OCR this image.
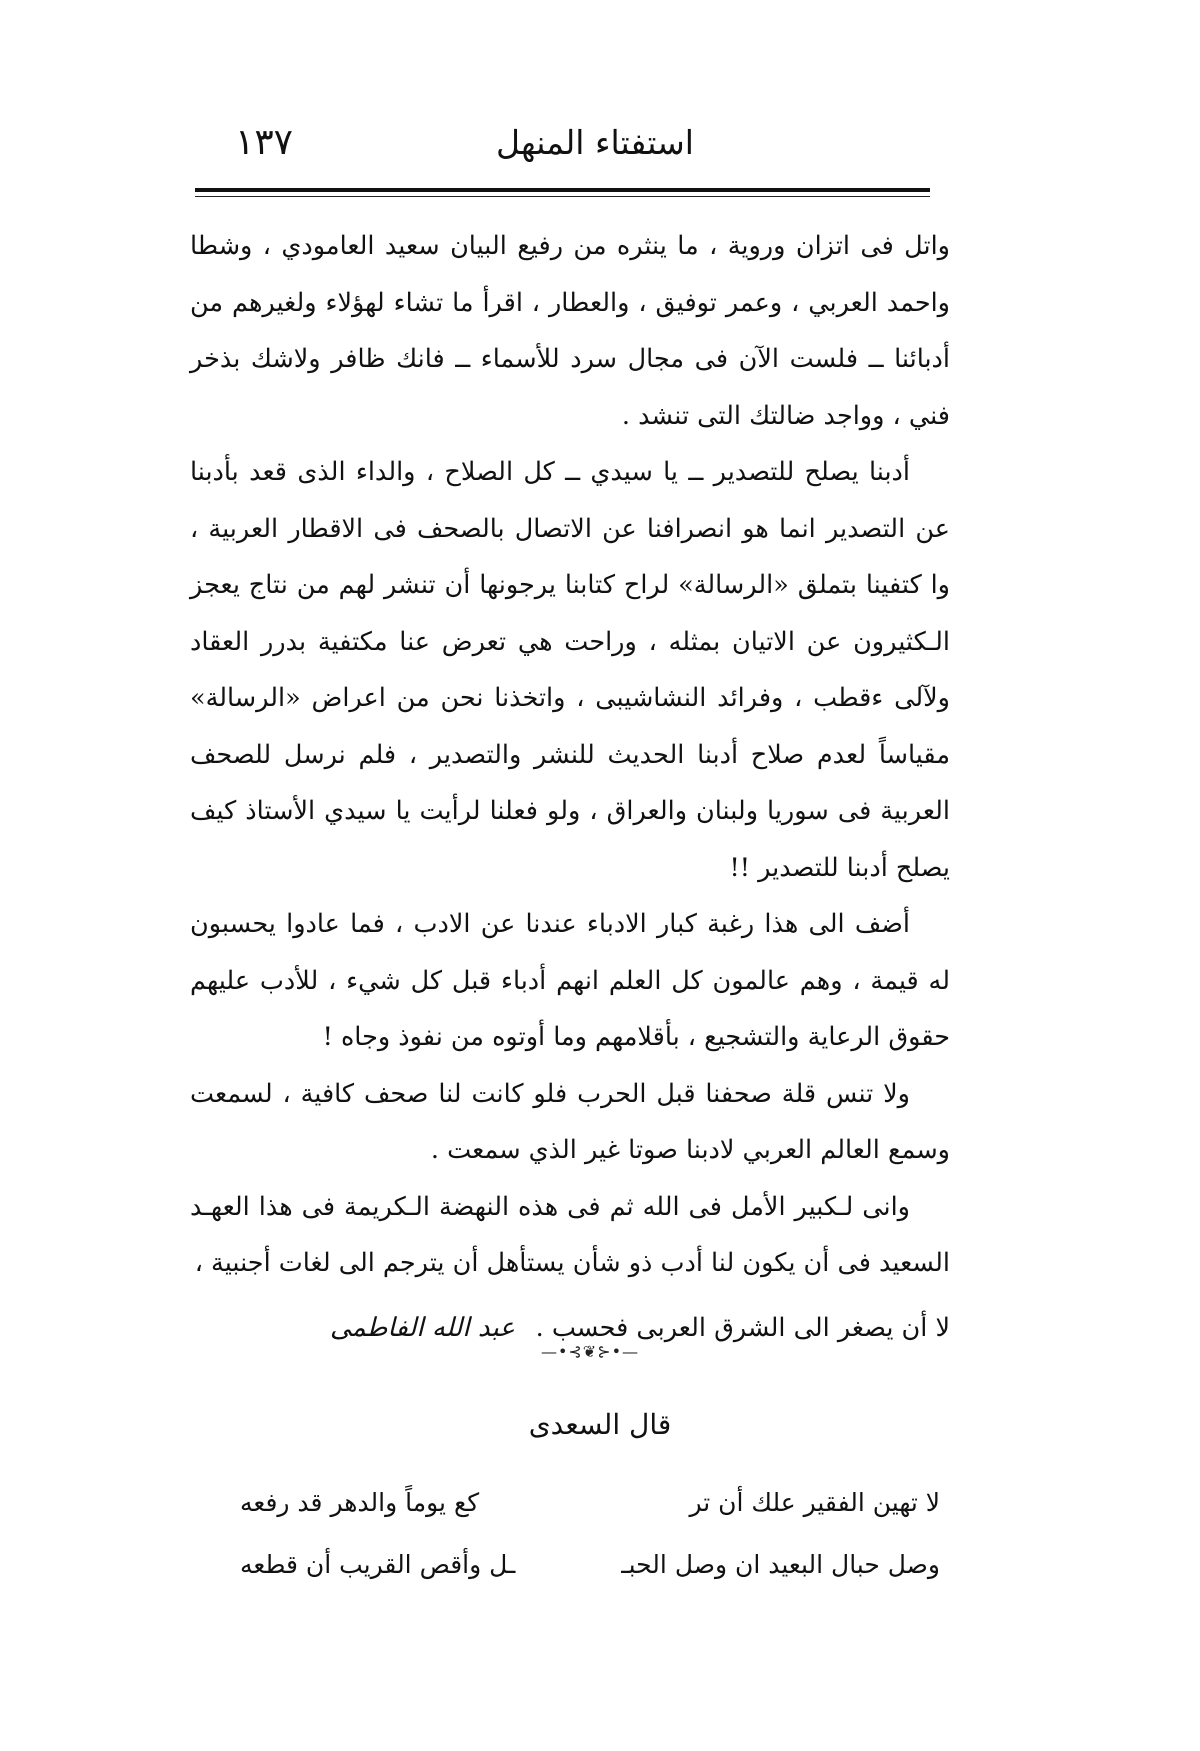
استفتاء المنهل
١٣٧

واتل فى اتزان وروية ، ما ينثره من رفيع البيان سعيد العامودي ، وشطا واحمد العربي ، وعمر توفيق ، والعطار ، اقرأ ما تشاء لهؤلاء ولغيرهم من أدبائنا ــ فلست الآن فى مجال سرد للأسماء ــ فانك ظافر ولاشك بذخر فني ، وواجد ضالتك التى تنشد .

أدبنا يصلح للتصدير ــ يا سيدي ــ كل الصلاح ، والداء الذى قعد بأدبنا عن التصدير انما هو انصرافنا عن الاتصال بالصحف فى الاقطار العربية ، وا كتفينا بتملق «الرسالة» لراح كتابنا يرجونها أن تنشر لهم من نتاج يعجز الـكثيرون عن الاتيان بمثله ، وراحت هي تعرض عنا مكتفية بدرر العقاد ولآلى ءقطب ، وفرائد النشاشيبى ، واتخذنا نحن من اعراض «الرسالة» مقياساً لعدم صلاح أدبنا الحديث للنشر والتصدير ، فلم نرسل للصحف العربية فى سوريا ولبنان والعراق ، ولو فعلنا لرأيت يا سيدي الأستاذ كيف يصلح أدبنا للتصدير !!

أضف الى هذا رغبة كبار الادباء عندنا عن الادب ، فما عادوا يحسبون له قيمة ، وهم عالمون كل العلم انهم أدباء قبل كل شيء ، للأدب عليهم حقوق الرعاية والتشجيع ، بأقلامهم وما أوتوه من نفوذ وجاه !

ولا تنس قلة صحفنا قبل الحرب فلو كانت لنا صحف كافية ، لسمعت وسمع العالم العربي لادبنا صوتا غير الذي سمعت .

وانى لـكبير الأمل فى الله ثم فى هذه النهضة الـكريمة فى هذا العهـد السعيد فى أن يكون لنا أدب ذو شأن يستأهل أن يترجم الى لغات أجنبية ،

لا أن يصغر الى الشرق العربى فحسب .
عبد الله الفاطمى
—•⊰❦⊱•—
قال السعدى
لا تهين الفقير علك أن تر
كع يوماً والدهر قد رفعه
وصل حبال البعيد ان وصل الحبـ
ـل وأقص القريب أن قطعه
